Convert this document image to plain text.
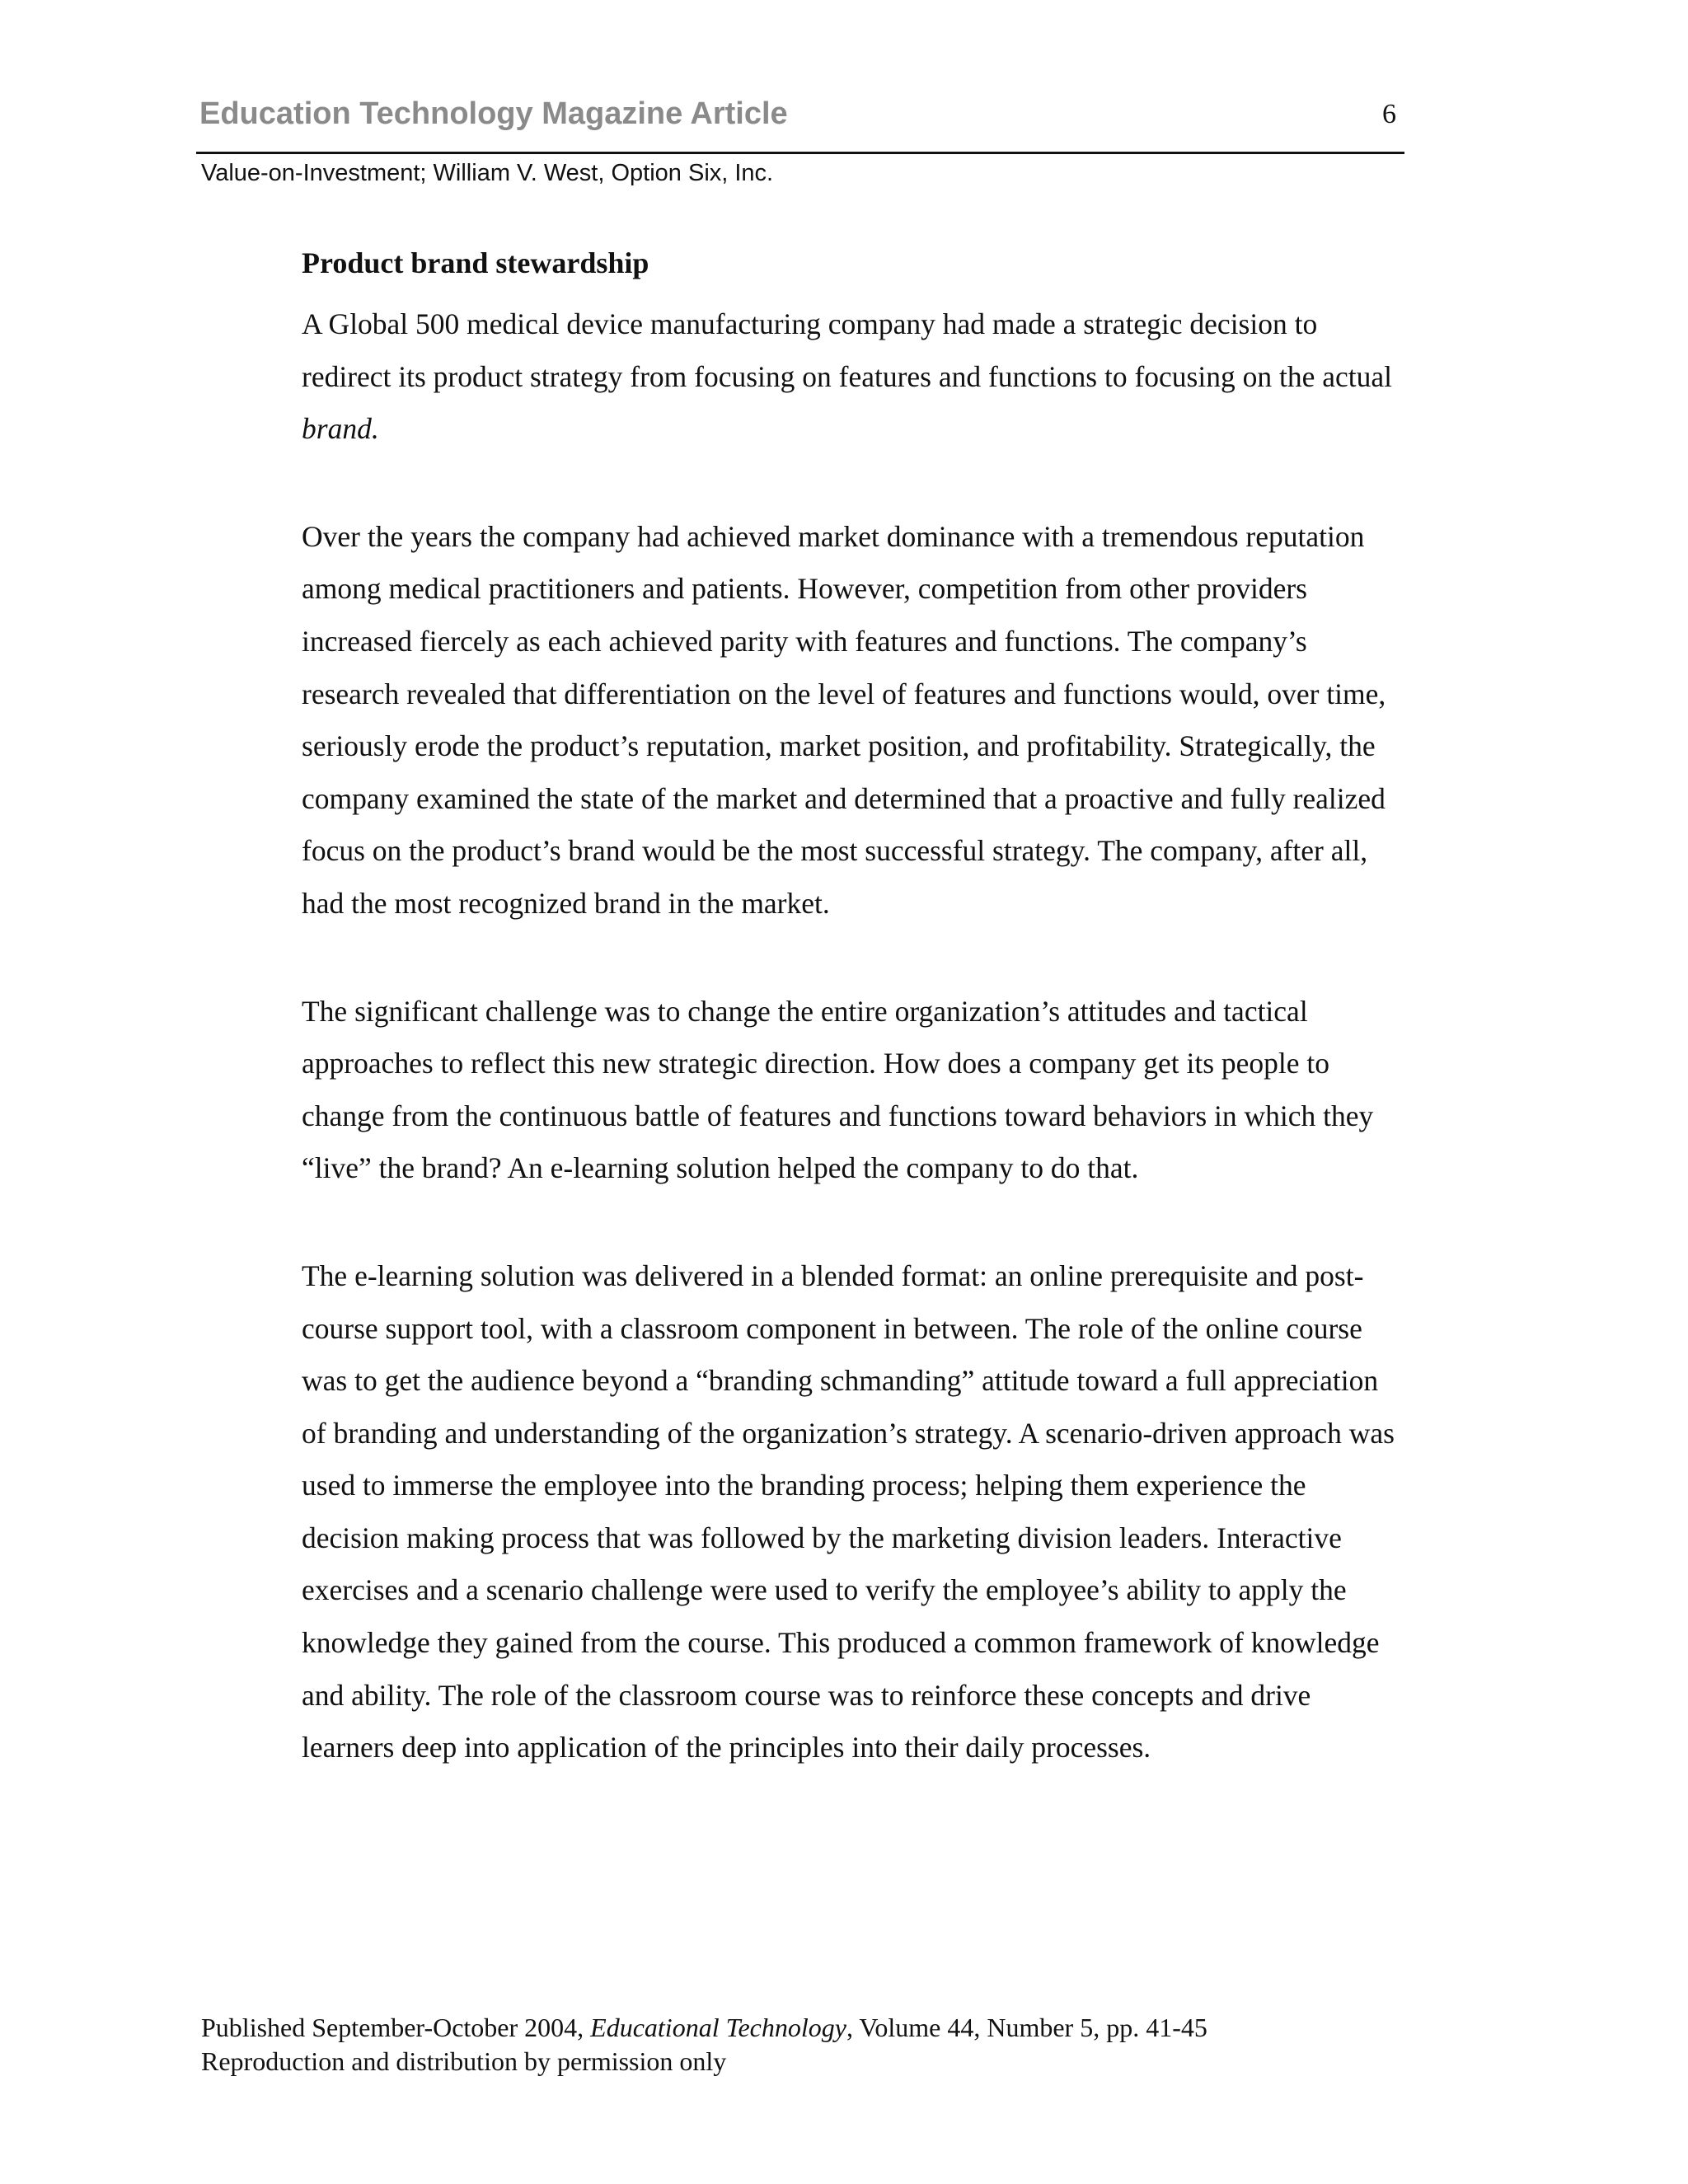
Education Technology Magazine Article	6
Value-on-Investment; William V. West, Option Six, Inc.
Product brand stewardship

A Global 500 medical device manufacturing company had made a strategic decision to redirect its product strategy from focusing on features and functions to focusing on the actual brand.

Over the years the company had achieved market dominance with a tremendous reputation among medical practitioners and patients. However, competition from other providers increased fiercely as each achieved parity with features and functions. The company’s research revealed that differentiation on the level of features and functions would, over time, seriously erode the product’s reputation, market position, and profitability. Strategically, the company examined the state of the market and determined that a proactive and fully realized focus on the product’s brand would be the most successful strategy. The company, after all, had the most recognized brand in the market.

The significant challenge was to change the entire organization’s attitudes and tactical approaches to reflect this new strategic direction. How does a company get its people to change from the continuous battle of features and functions toward behaviors in which they “live” the brand? An e-learning solution helped the company to do that.

The e-learning solution was delivered in a blended format: an online prerequisite and post-course support tool, with a classroom component in between. The role of the online course was to get the audience beyond a “branding schmanding” attitude toward a full appreciation of branding and understanding of the organization’s strategy. A scenario-driven approach was used to immerse the employee into the branding process; helping them experience the decision making process that was followed by the marketing division leaders. Interactive exercises and a scenario challenge were used to verify the employee’s ability to apply the knowledge they gained from the course. This produced a common framework of knowledge and ability. The role of the classroom course was to reinforce these concepts and drive learners deep into application of the principles into their daily processes.

Published September-October 2004, Educational Technology, Volume 44, Number 5, pp. 41-45
Reproduction and distribution by permission only
